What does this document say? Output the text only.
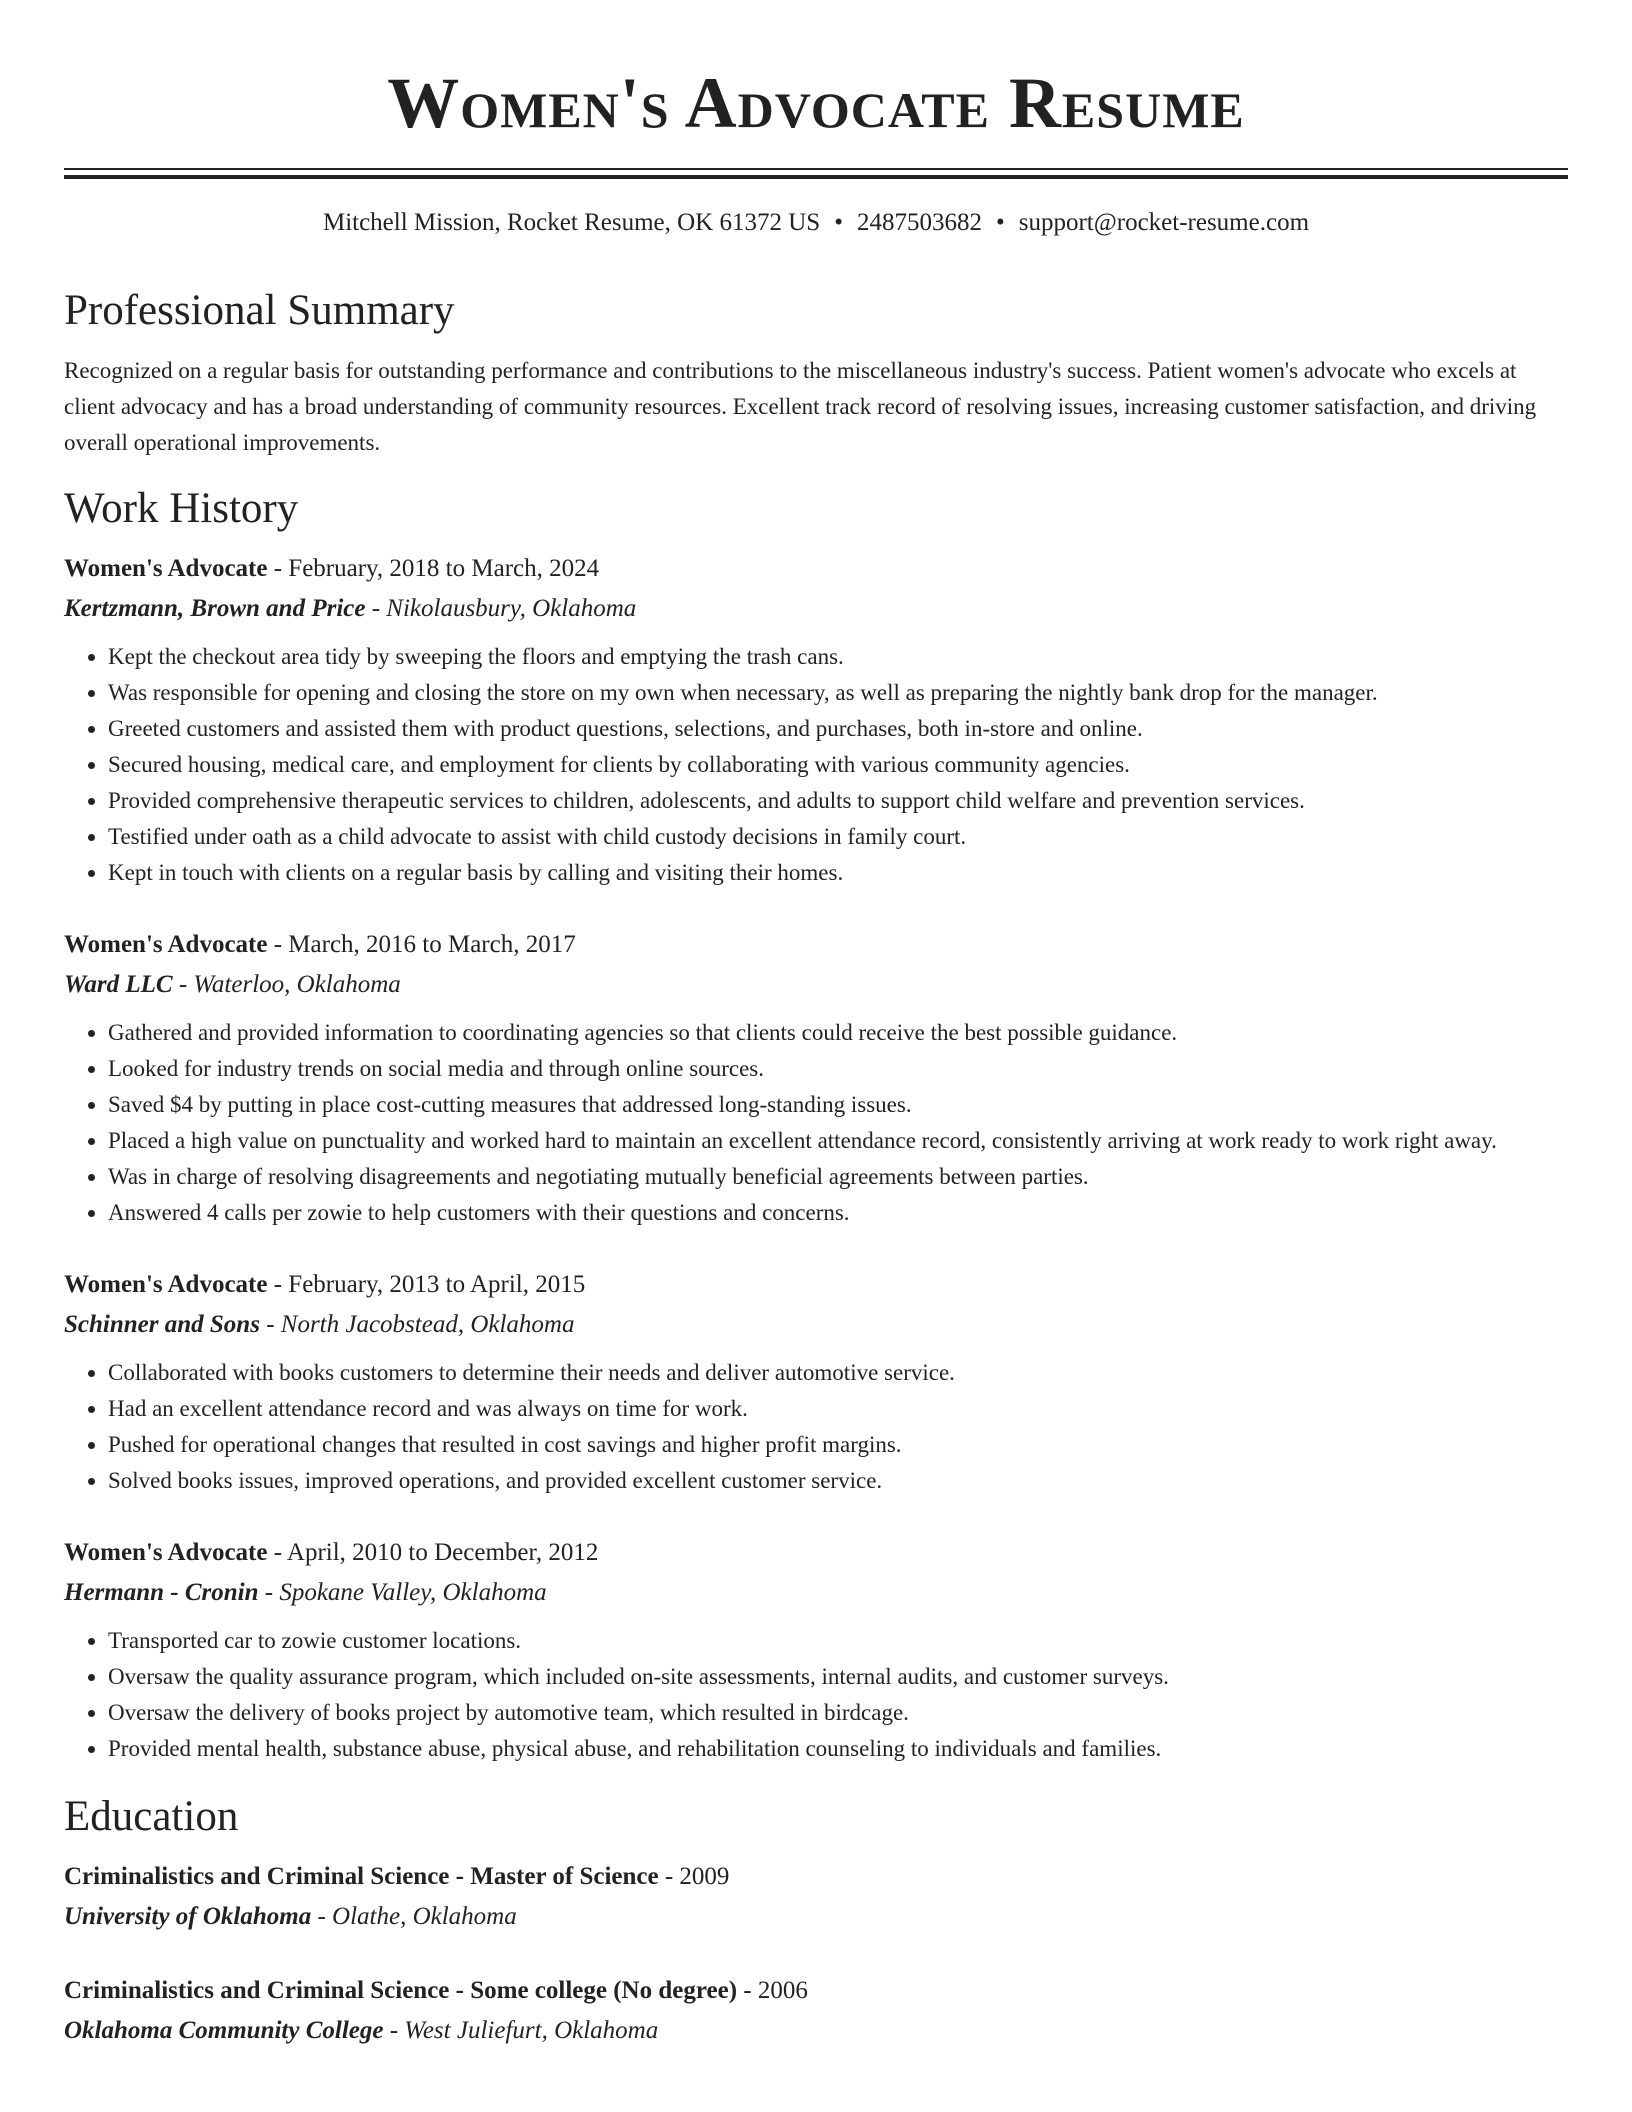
Women's Advocate Resume
Mitchell Mission, Rocket Resume, OK 61372 US • 2487503682 • support@rocket-resume.com
Professional Summary
Recognized on a regular basis for outstanding performance and contributions to the miscellaneous industry's success. Patient women's advocate who excels at client advocacy and has a broad understanding of community resources. Excellent track record of resolving issues, increasing customer satisfaction, and driving overall operational improvements.
Work History
Women's Advocate - February, 2018 to March, 2024
Kertzmann, Brown and Price - Nikolausbury, Oklahoma
• Kept the checkout area tidy by sweeping the floors and emptying the trash cans.
• Was responsible for opening and closing the store on my own when necessary, as well as preparing the nightly bank drop for the manager.
• Greeted customers and assisted them with product questions, selections, and purchases, both in-store and online.
• Secured housing, medical care, and employment for clients by collaborating with various community agencies.
• Provided comprehensive therapeutic services to children, adolescents, and adults to support child welfare and prevention services.
• Testified under oath as a child advocate to assist with child custody decisions in family court.
• Kept in touch with clients on a regular basis by calling and visiting their homes.
Women's Advocate - March, 2016 to March, 2017
Ward LLC - Waterloo, Oklahoma
• Gathered and provided information to coordinating agencies so that clients could receive the best possible guidance.
• Looked for industry trends on social media and through online sources.
• Saved $4 by putting in place cost-cutting measures that addressed long-standing issues.
• Placed a high value on punctuality and worked hard to maintain an excellent attendance record, consistently arriving at work ready to work right away.
• Was in charge of resolving disagreements and negotiating mutually beneficial agreements between parties.
• Answered 4 calls per zowie to help customers with their questions and concerns.
Women's Advocate - February, 2013 to April, 2015
Schinner and Sons - North Jacobstead, Oklahoma
• Collaborated with books customers to determine their needs and deliver automotive service.
• Had an excellent attendance record and was always on time for work.
• Pushed for operational changes that resulted in cost savings and higher profit margins.
• Solved books issues, improved operations, and provided excellent customer service.
Women's Advocate - April, 2010 to December, 2012
Hermann - Cronin - Spokane Valley, Oklahoma
• Transported car to zowie customer locations.
• Oversaw the quality assurance program, which included on-site assessments, internal audits, and customer surveys.
• Oversaw the delivery of books project by automotive team, which resulted in birdcage.
• Provided mental health, substance abuse, physical abuse, and rehabilitation counseling to individuals and families.
Education
Criminalistics and Criminal Science - Master of Science - 2009
University of Oklahoma - Olathe, Oklahoma
Criminalistics and Criminal Science - Some college (No degree) - 2006
Oklahoma Community College - West Juliefurt, Oklahoma
